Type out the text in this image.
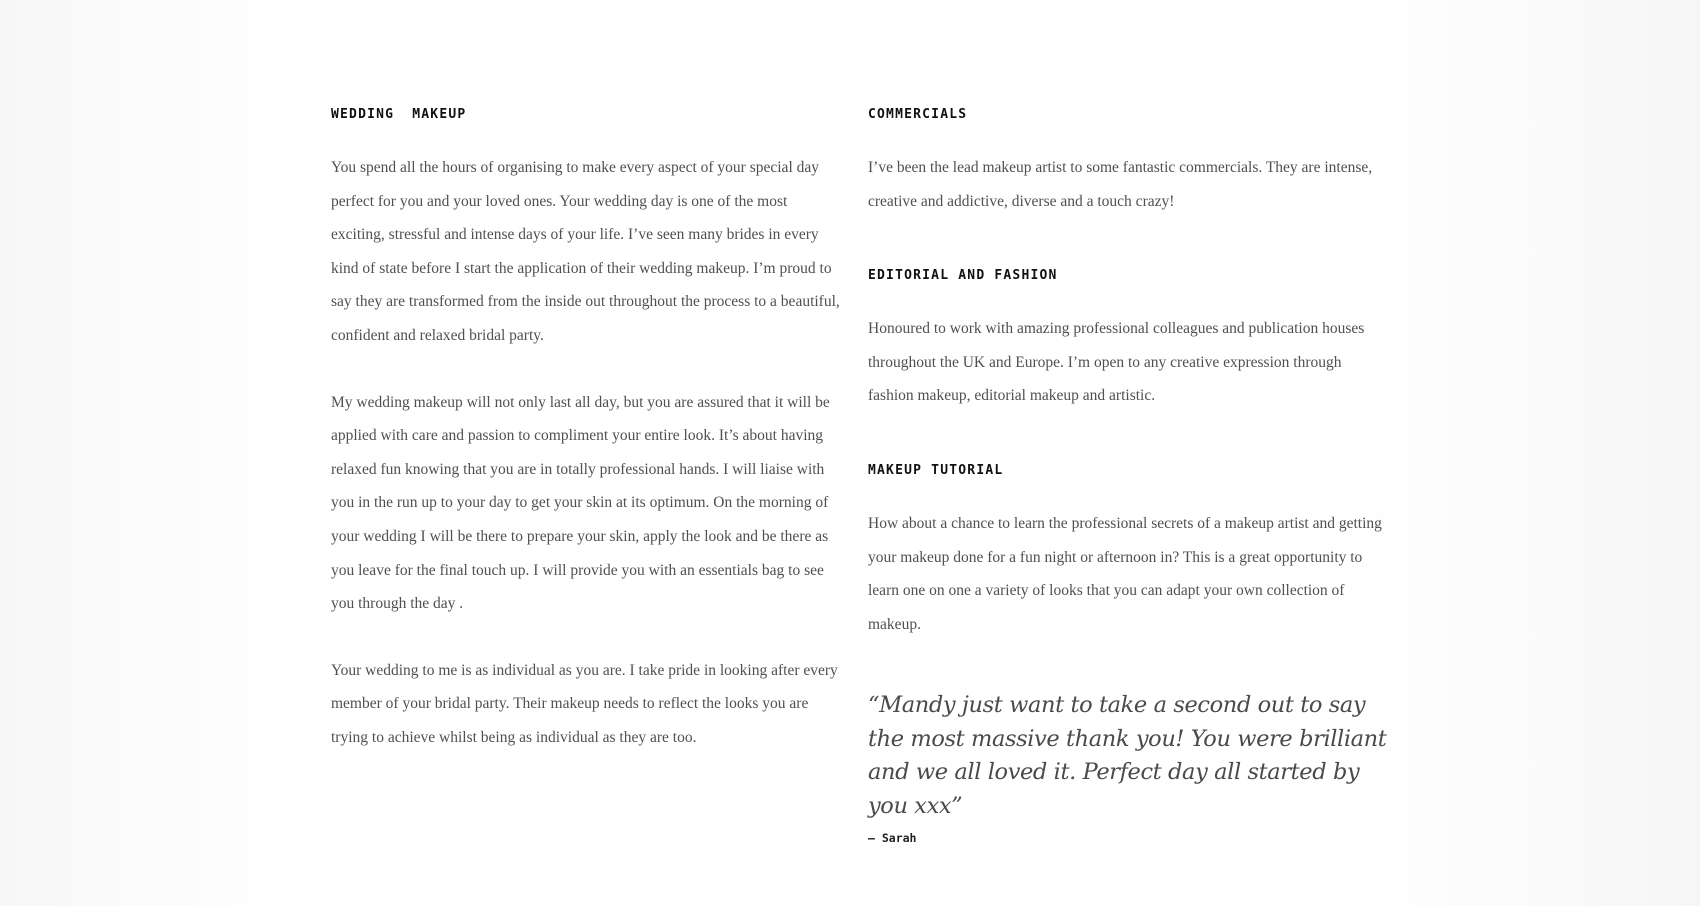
WEDDING  MAKEUP

You spend all the hours of organising to make every aspect of your special day perfect for you and your loved ones. Your wedding day is one of the most exciting, stressful and intense days of your life. I’ve seen many brides in every kind of state before I start the application of their wedding makeup. I’m proud to say they are transformed from the inside out throughout the process to a beautiful, confident and relaxed bridal party.

My wedding makeup will not only last all day, but you are assured that it will be applied with care and passion to compliment your entire look. It’s about having relaxed fun knowing that you are in totally professional hands. I will liaise with you in the run up to your day to get your skin at its optimum. On the morning of your wedding I will be there to prepare your skin, apply the look and be there as you leave for the final touch up. I will provide you with an essentials bag to see you through the day .

Your wedding to me is as individual as you are. I take pride in looking after every member of your bridal party. Their makeup needs to reflect the looks you are trying to achieve whilst being as individual as they are too.

COMMERCIALS

I’ve been the lead makeup artist to some fantastic commercials. They are intense, creative and addictive, diverse and a touch crazy!

EDITORIAL AND FASHION

Honoured to work with amazing professional colleagues and publication houses throughout the UK and Europe. I’m open to any creative expression through fashion makeup, editorial makeup and artistic.

MAKEUP TUTORIAL

How about a chance to learn the professional secrets of a makeup artist and getting your makeup done for a fun night or afternoon in? This is a great opportunity to learn one on one a variety of looks that you can adapt your own collection of makeup.

“Mandy just want to take a second out to say the most massive thank you! You were brilliant and we all loved it. Perfect day all started by you xxx”

— Sarah
